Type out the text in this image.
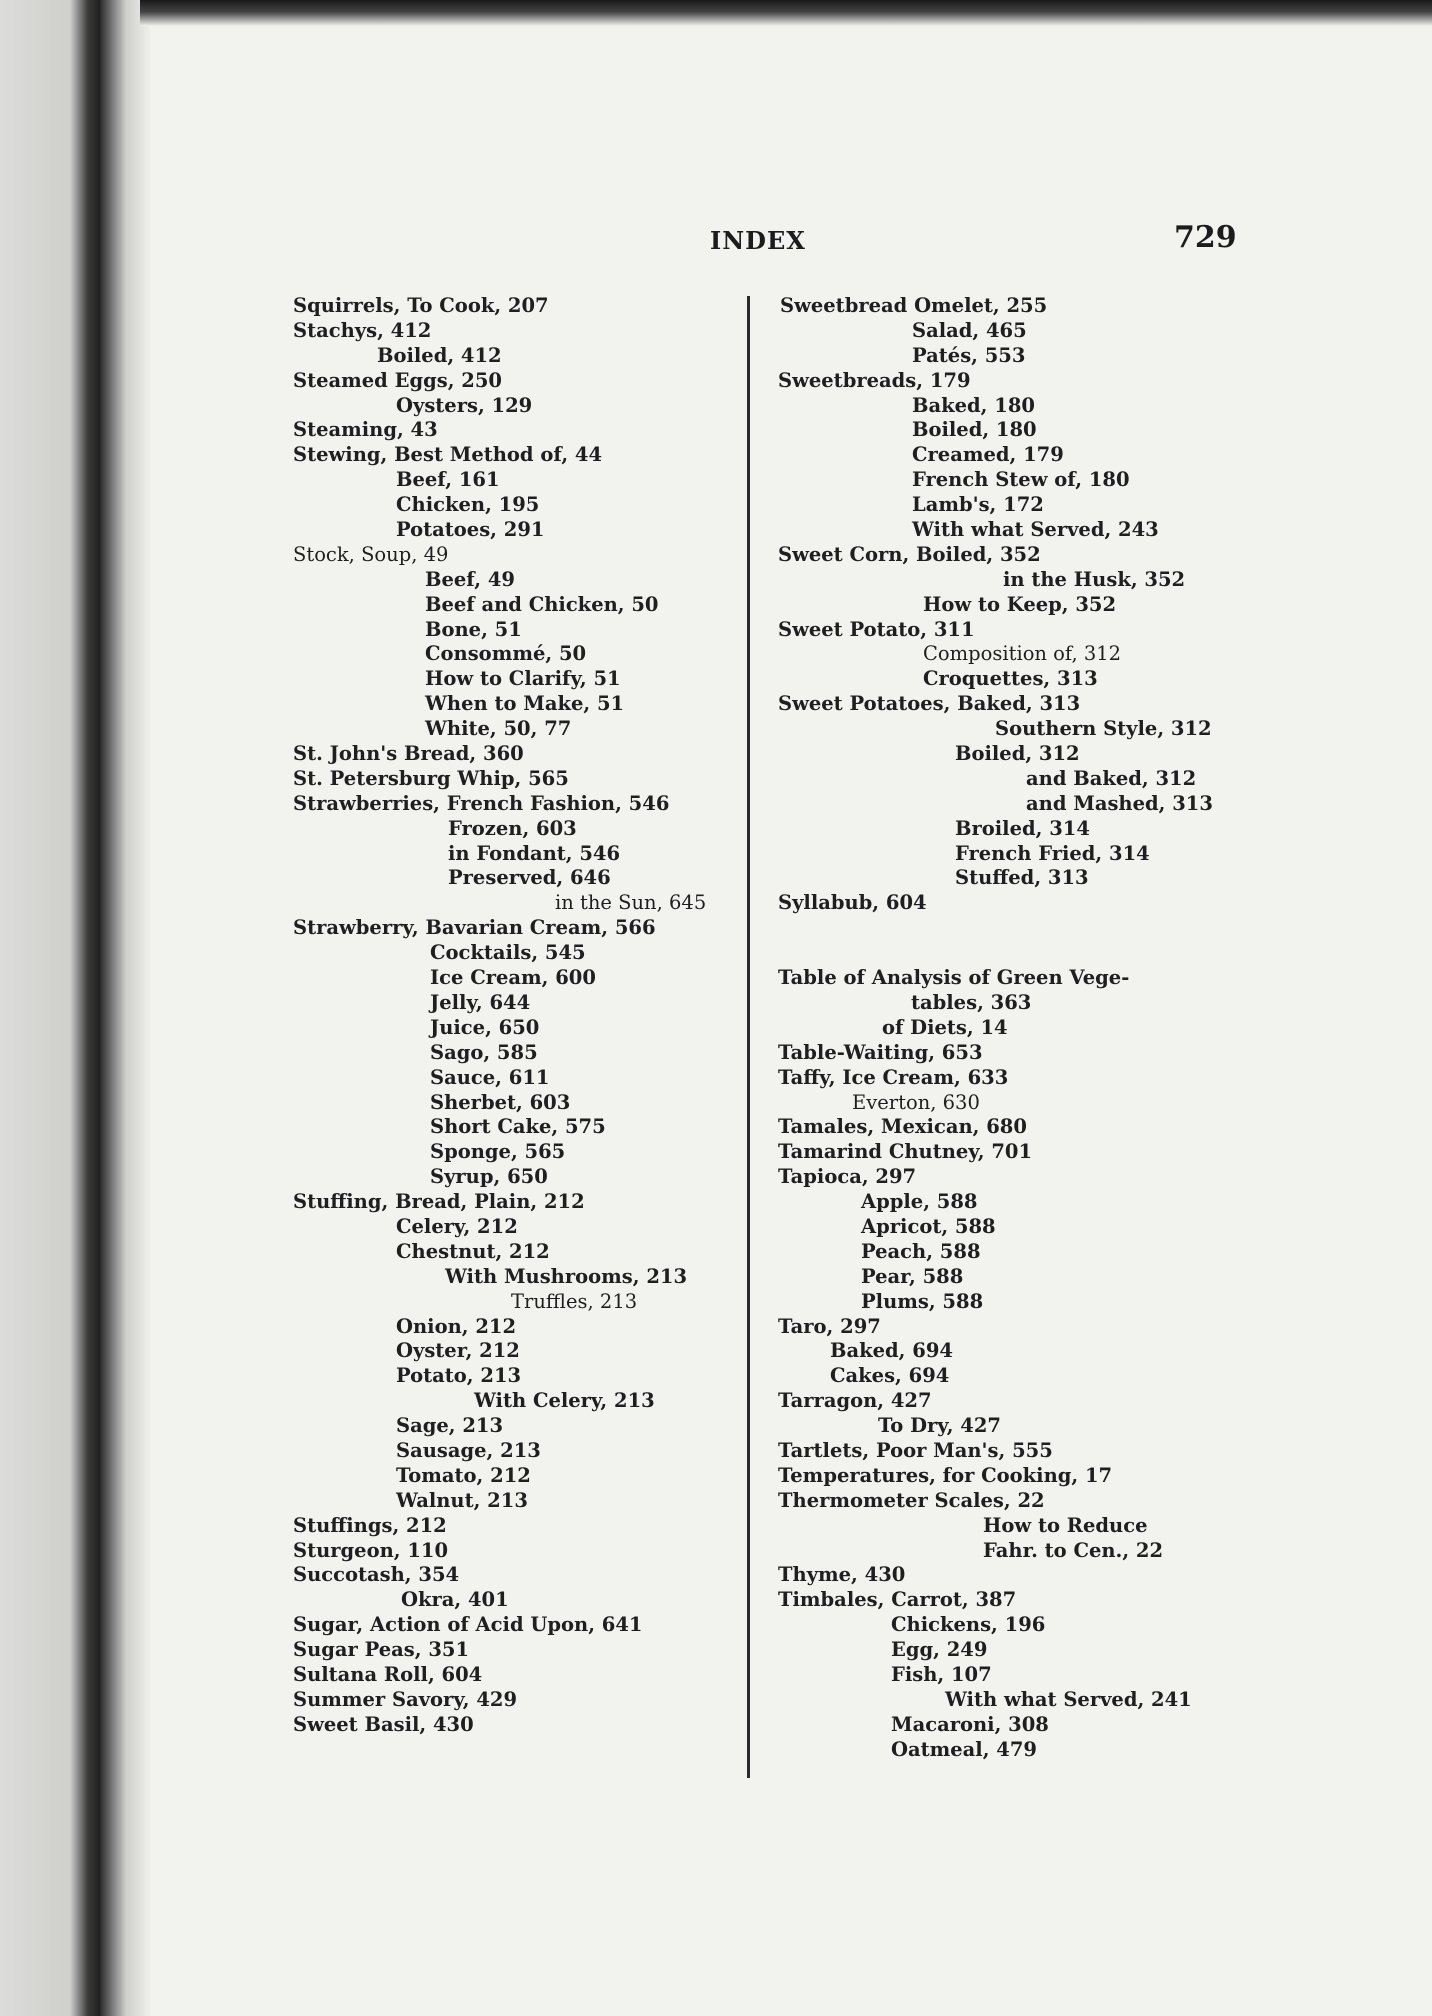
INDEX	729
Squirrels, To Cook, 207
Stachys, 412
Boiled, 412
Steamed Eggs, 250
Oysters, 129
Steaming, 43
Stewing, Best Method of, 44
Beef, 161
Chicken, 195
Potatoes, 291
Stock, Soup, 49
Beef, 49
Beef and Chicken, 50
Bone, 51
Consommé, 50
How to Clarify, 51
When to Make, 51
White, 50, 77
St. John's Bread, 360
St. Petersburg Whip, 565
Strawberries, French Fashion, 546
Frozen, 603
in Fondant, 546
Preserved, 646
in the Sun, 645
Strawberry, Bavarian Cream, 566
Cocktails, 545
Ice Cream, 600
Jelly, 644
Juice, 650
Sago, 585
Sauce, 611
Sherbet, 603
Short Cake, 575
Sponge, 565
Syrup, 650
Stuffing, Bread, Plain, 212
Celery, 212
Chestnut, 212
With Mushrooms, 213
Truffles, 213
Onion, 212
Oyster, 212
Potato, 213
With Celery, 213
Sage, 213
Sausage, 213
Tomato, 212
Walnut, 213
Stuffings, 212
Sturgeon, 110
Succotash, 354
Okra, 401
Sugar, Action of Acid Upon, 641
Sugar Peas, 351
Sultana Roll, 604
Summer Savory, 429
Sweet Basil, 430
Sweetbread Omelet, 255
Salad, 465
Patés, 553
Sweetbreads, 179
Baked, 180
Boiled, 180
Creamed, 179
French Stew of, 180
Lamb's, 172
With what Served, 243
Sweet Corn, Boiled, 352
in the Husk, 352
How to Keep, 352
Sweet Potato, 311
Composition of, 312
Croquettes, 313
Sweet Potatoes, Baked, 313
Southern Style, 312
Boiled, 312
and Baked, 312
and Mashed, 313
Broiled, 314
French Fried, 314
Stuffed, 313
Syllabub, 604
Table of Analysis of Green Vege-
tables, 363
of Diets, 14
Table-Waiting, 653
Taffy, Ice Cream, 633
Everton, 630
Tamales, Mexican, 680
Tamarind Chutney, 701
Tapioca, 297
Apple, 588
Apricot, 588
Peach, 588
Pear, 588
Plums, 588
Taro, 297
Baked, 694
Cakes, 694
Tarragon, 427
To Dry, 427
Tartlets, Poor Man's, 555
Temperatures, for Cooking, 17
Thermometer Scales, 22
How to Reduce
Fahr. to Cen., 22
Thyme, 430
Timbales, Carrot, 387
Chickens, 196
Egg, 249
Fish, 107
With what Served, 241
Macaroni, 308
Oatmeal, 479
